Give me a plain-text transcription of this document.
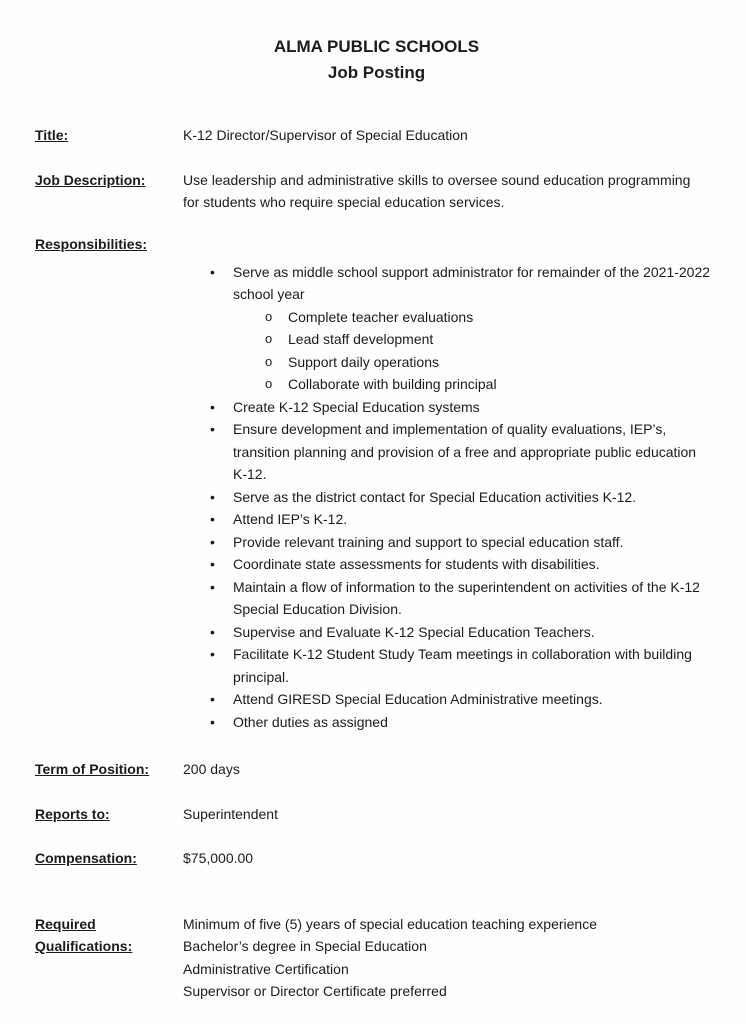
ALMA PUBLIC SCHOOLS
Job Posting
Title:	K-12 Director/Supervisor of Special Education
Job Description:	Use leadership and administrative skills to oversee sound education programming for students who require special education services.
Responsibilities:
•	Serve as middle school support administrator for remainder of the 2021-2022 school year
o	Complete teacher evaluations
o	Lead staff development
o	Support daily operations
o	Collaborate with building principal
•	Create K-12 Special Education systems
•	Ensure development and implementation of quality evaluations, IEP’s, transition planning and provision of a free and appropriate public education K-12.
•	Serve as the district contact for Special Education activities K-12.
•	Attend IEP’s K-12.
•	Provide relevant training and support to special education staff.
•	Coordinate state assessments for students with disabilities.
•	Maintain a flow of information to the superintendent on activities of the K-12 Special Education Division.
•	Supervise and Evaluate K-12 Special Education Teachers.
•	Facilitate K-12 Student Study Team meetings in collaboration with building principal.
•	Attend GIRESD Special Education Administrative meetings.
•	Other duties as assigned
Term of Position:	200 days
Reports to:	Superintendent
Compensation:	$75,000.00
Required
Qualifications:
Minimum of five (5) years of special education teaching experience
Bachelor’s degree in Special Education
Administrative Certification
Supervisor or Director Certificate preferred
